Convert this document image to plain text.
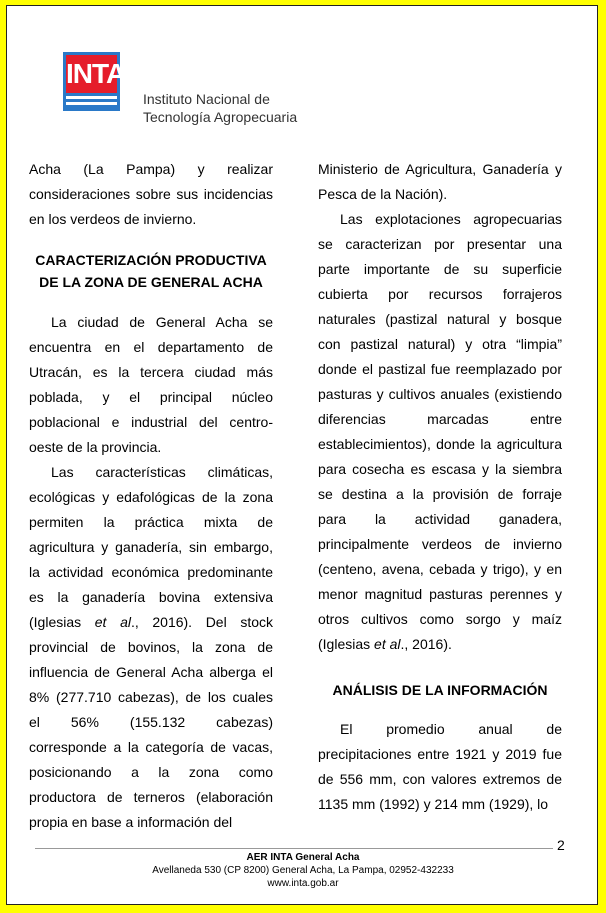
INTA
Instituto Nacional de
Tecnología Agropecuaria

Acha (La Pampa) y realizar consideraciones sobre sus incidencias en los verdeos de invierno.

CARACTERIZACIÓN PRODUCTIVA DE LA ZONA DE GENERAL ACHA

La ciudad de General Acha se encuentra en el departamento de Utracán, es la tercera ciudad más poblada, y el principal núcleo poblacional e industrial del centro-oeste de la provincia.

Las características climáticas, ecológicas y edafológicas de la zona permiten la práctica mixta de agricultura y ganadería, sin embargo, la actividad económica predominante es la ganadería bovina extensiva (Iglesias et al., 2016). Del stock provincial de bovinos, la zona de influencia de General Acha alberga el 8% (277.710 cabezas), de los cuales el 56% (155.132 cabezas) corresponde a la categoría de vacas, posicionando a la zona como productora de terneros (elaboración propia en base a información del

Ministerio de Agricultura, Ganadería y Pesca de la Nación).

Las explotaciones agropecuarias se caracterizan por presentar una parte importante de su superficie cubierta por recursos forrajeros naturales (pastizal natural y bosque con pastizal natural) y otra “limpia” donde el pastizal fue reemplazado por pasturas y cultivos anuales (existiendo diferencias marcadas entre establecimientos), donde la agricultura para cosecha es escasa y la siembra se destina a la provisión de forraje para la actividad ganadera, principalmente verdeos de invierno (centeno, avena, cebada y trigo), y en menor magnitud pasturas perennes y otros cultivos como sorgo y maíz (Iglesias et al., 2016).

ANÁLISIS DE LA INFORMACIÓN

El promedio anual de precipitaciones entre 1921 y 2019 fue de 556 mm, con valores extremos de 1135 mm (1992) y 214 mm (1929), lo

2
AER INTA General Acha
Avellaneda 530 (CP 8200) General Acha, La Pampa, 02952-432233
www.inta.gob.ar
